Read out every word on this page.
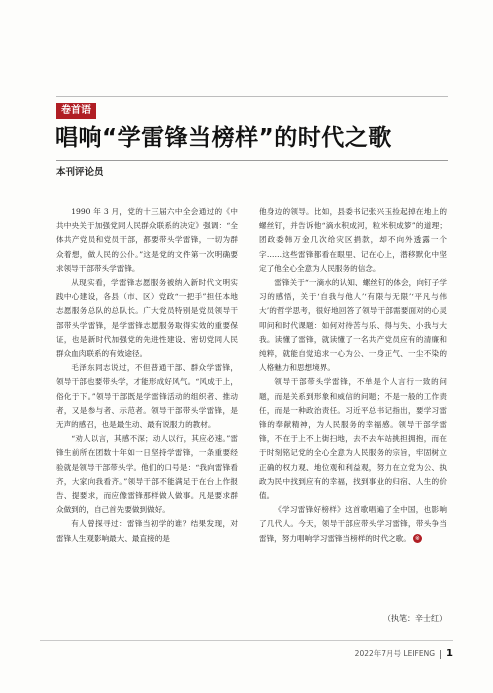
卷首语
唱响“学雷锋当榜样”的时代之歌
本刊评论员

1990 年 3 月，党的十三届六中全会通过的《中共中央关于加强党同人民群众联系的决定》强调：“全体共产党员和党员干部，都要带头学雷锋，一切为群众着想，做人民的公仆。”这是党的文件第一次明确要求领导干部带头学雷锋。

从现实看，学雷锋志愿服务被纳入新时代文明实践中心建设，各县（市、区）党政“一把手”担任本地志愿服务总队的总队长。广大党员特别是党员领导干部带头学雷锋，是学雷锋志愿服务取得实效的重要保证，也是新时代加强党的先进性建设、密切党同人民群众血肉联系的有效途径。

毛泽东同志说过，不但普通干部、群众学雷锋，领导干部也要带头学，才能形成好风气。“风成于上，俗化于下。”领导干部既是学雷锋活动的组织者、推动者，又是参与者、示范者。领导干部带头学雷锋，是无声的感召，也是最生动、最有说服力的教材。

“劝人以言，其感不深；动人以行，其应必速。”雷锋生前所在团数十年如一日坚持学雷锋，一条重要经验就是领导干部带头学。他们的口号是：“我向雷锋看齐，大家向我看齐。”领导干部不能满足于在台上作报告、提要求，而应像雷锋那样做人做事。凡是要求群众做到的，自己首先要做到做好。

有人曾探寻过：雷锋当初学的谁？结果发现，对雷锋人生观影响最大、最直接的是

他身边的领导。比如，县委书记张兴玉捡起掉在地上的螺丝钉，并告诉他“滴水积成河，粒米积成箩”的道理；团政委韩万金几次给灾区捐款，却不向外透露一个字……这些雷锋都看在眼里、记在心上，潜移默化中坚定了他全心全意为人民服务的信念。

雷锋关于“一滴水的认知、螺丝钉的体会，向钉子学习的感悟，关于‘自我与他人’‘有限与无限’‘平凡与伟大’的哲学思考，很好地回答了领导干部需要面对的心灵叩问和时代课题：如何对待苦与乐、得与失、小我与大我。读懂了雷锋，就读懂了一名共产党员应有的清廉和纯粹，就能自觉追求一心为公、一身正气、一尘不染的人格魅力和思想境界。

领导干部带头学雷锋，不单是个人言行一致的问题，而是关系到形象和威信的问题；不是一般的工作责任，而是一种政治责任。习近平总书记指出，要学习雷锋的奉献精神，为人民服务的幸福感。领导干部学雷锋，不在于上不上街扫地，去不去车站挑担拥抱，而在于时刻铭记党的全心全意为人民服务的宗旨，牢固树立正确的权力观、地位观和利益观，努力在立党为公、执政为民中找到应有的幸福，找到事业的归宿、人生的价值。

《学习雷锋好榜样》这首歌唱遍了全中国，也影响了几代人。今天，领导干部应带头学习雷锋，带头争当雷锋，努力唱响学习雷锋当榜样的时代之歌。 ※

（执笔：辛士红）
2022年7月号 LEIFENG 1
